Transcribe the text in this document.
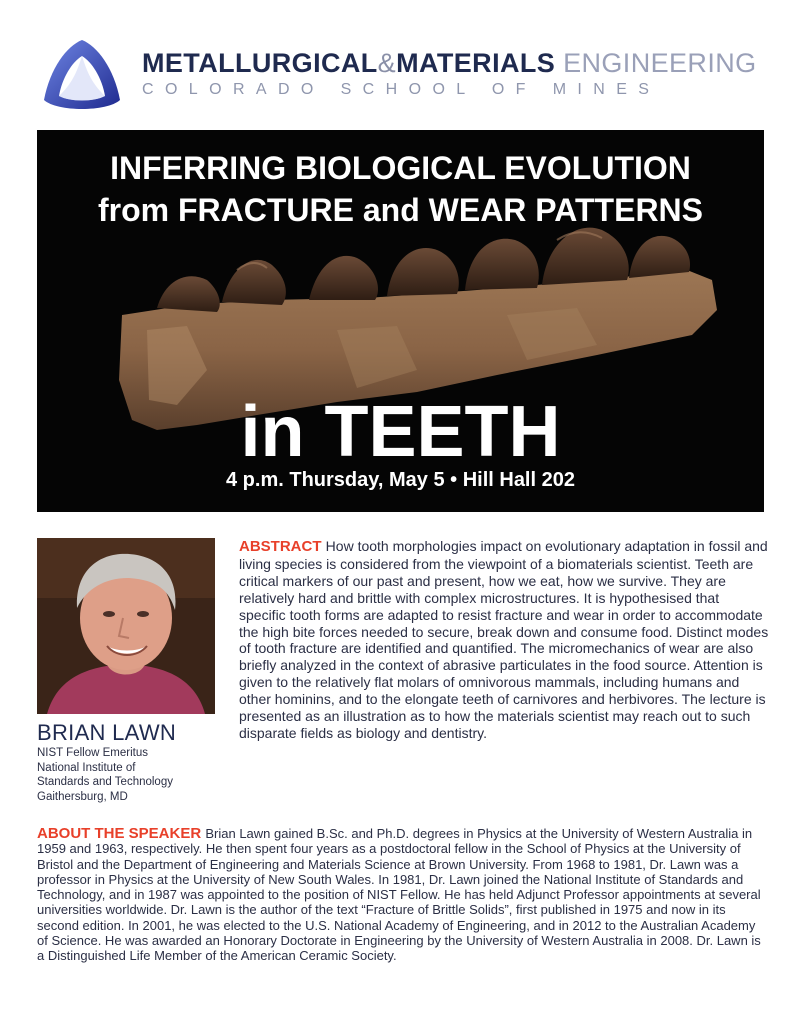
METALLURGICAL&MATERIALS ENGINEERING
COLORADO SCHOOL OF MINES
INFERRING BIOLOGICAL EVOLUTION
from FRACTURE and WEAR PATTERNS
in TEETH
4 p.m. Thursday, May 5 • Hill Hall 202
BRIAN LAWN
NIST Fellow Emeritus
National Institute of
Standards and Technology
Gaithersburg, MD
ABSTRACT How tooth morphologies impact on evolutionary adaptation in fossil and living species is considered from the viewpoint of a biomaterials scientist. Teeth are critical markers of our past and present, how we eat, how we survive. They are relatively hard and brittle with complex microstructures. It is hypothesised that specific tooth forms are adapted to resist fracture and wear in order to accommodate the high bite forces needed to secure, break down and consume food. Distinct modes of tooth fracture are identified and quantified. The micromechanics of wear are also briefly analyzed in the context of abrasive particulates in the food source. Attention is given to the relatively flat molars of omnivorous mammals, including humans and other hominins, and to the elongate teeth of carnivores and herbivores. The lecture is presented as an illustration as to how the materials scientist may reach out to such disparate fields as biology and dentistry.
ABOUT THE SPEAKER Brian Lawn gained B.Sc. and Ph.D. degrees in Physics at the University of Western Australia in 1959 and 1963, respectively. He then spent four years as a postdoctoral fellow in the School of Physics at the University of Bristol and the Department of Engineering and Materials Science at Brown University. From 1968 to 1981, Dr. Lawn was a professor in Physics at the University of New South Wales. In 1981, Dr. Lawn joined the National Institute of Standards and Technology, and in 1987 was appointed to the position of NIST Fellow. He has held Adjunct Professor appointments at several universities worldwide. Dr. Lawn is the author of the text “Fracture of Brittle Solids”, first published in 1975 and now in its second edition. In 2001, he was elected to the U.S. National Academy of Engineering, and in 2012 to the Australian Academy of Science. He was awarded an Honorary Doctorate in Engineering by the University of Western Australia in 2008. Dr. Lawn is a Distinguished Life Member of the American Ceramic Society.
